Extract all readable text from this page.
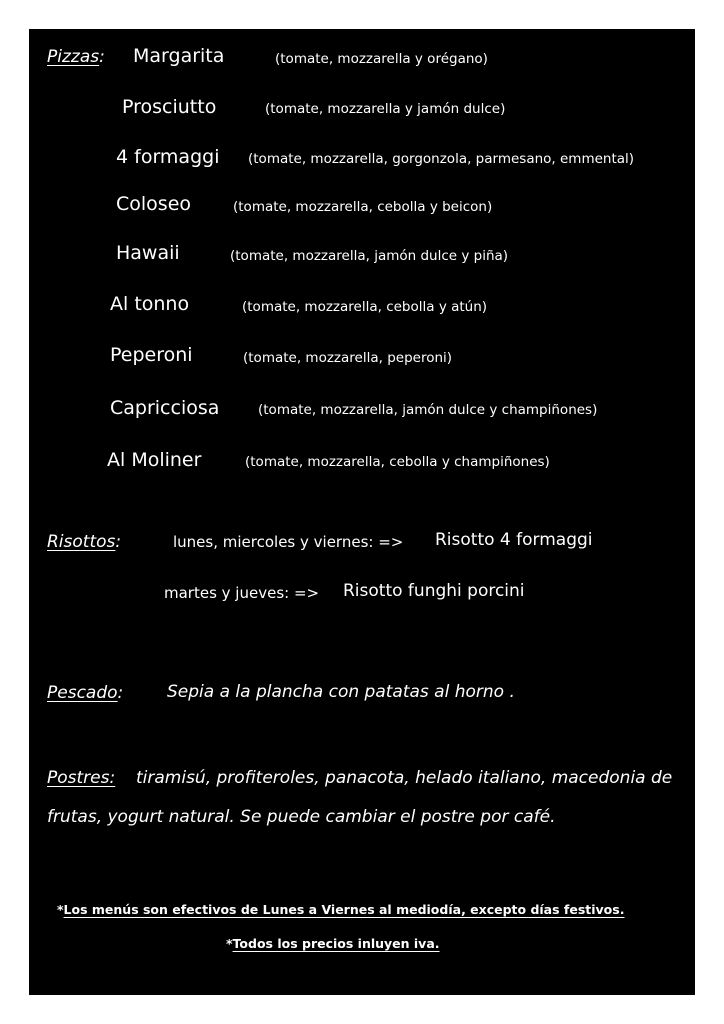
Pizzas: Margarita	(tomate, mozzarella y orégano)
Prosciutto	(tomate, mozzarella y jamón dulce)
4 formaggi (tomate, mozzarella, gorgonzola, parmesano, emmental)
Coloseo	(tomate, mozzarella, cebolla y beicon)
Hawaii	(tomate, mozzarella, jamón dulce y piña)
Al tonno	(tomate, mozzarella, cebolla y atún)
Peperoni	(tomate, mozzarella, peperoni)
Capricciosa	(tomate, mozzarella, jamón dulce y champiñones)
Al Moliner	(tomate, mozzarella, cebolla y champiñones)
Risottos:	lunes, miercoles y viernes: => Risotto 4 formaggi
martes y jueves: => Risotto funghi porcini
Pescado:	Sepia a la plancha con patatas al horno .
Postres: tiramisú, profiteroles, panacota, helado italiano, macedonia de
frutas, yogurt natural. Se puede cambiar el postre por café.
*Los menús son efectivos de Lunes a Viernes al mediodía, excepto días festivos.
*Todos los precios inluyen iva.
